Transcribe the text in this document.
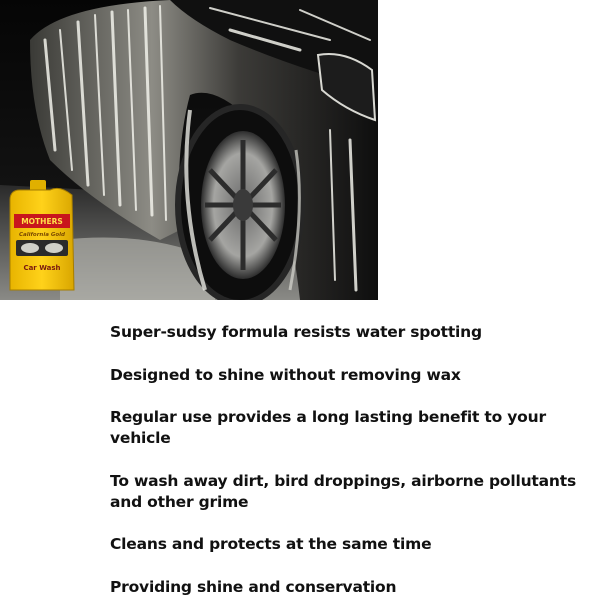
MOTHERS
California Gold
Car Wash
Super-sudsy formula resists water spotting
Designed to shine without removing wax
Regular use provides a long lasting benefit to your vehicle
To wash away dirt, bird droppings, airborne pollutants and other grime
Cleans and protects at the same time
Providing shine and conservation
